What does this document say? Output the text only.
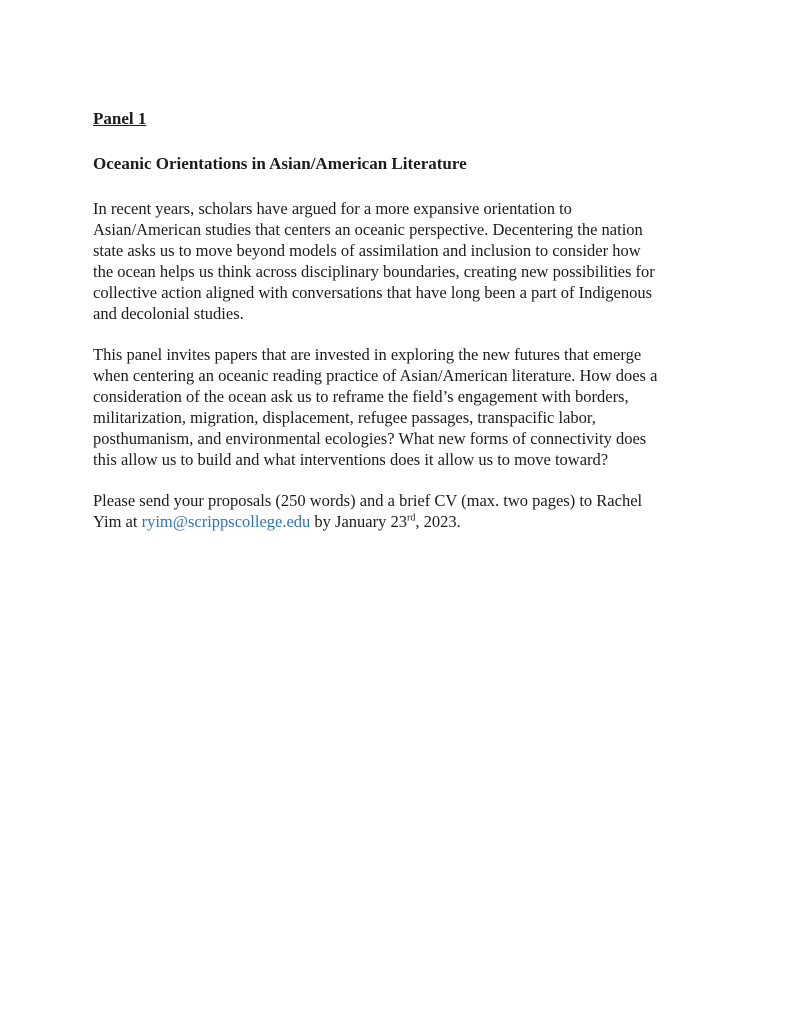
Panel 1
Oceanic Orientations in Asian/American Literature
In recent years, scholars have argued for a more expansive orientation to
Asian/American studies that centers an oceanic perspective. Decentering the nation
state asks us to move beyond models of assimilation and inclusion to consider how
the ocean helps us think across disciplinary boundaries, creating new possibilities for
collective action aligned with conversations that have long been a part of Indigenous
and decolonial studies.
This panel invites papers that are invested in exploring the new futures that emerge
when centering an oceanic reading practice of Asian/American literature. How does a
consideration of the ocean ask us to reframe the field’s engagement with borders,
militarization, migration, displacement, refugee passages, transpacific labor,
posthumanism, and environmental ecologies? What new forms of connectivity does
this allow us to build and what interventions does it allow us to move toward?
Please send your proposals (250 words) and a brief CV (max. two pages) to Rachel
Yim at ryim@scrippscollege.edu by January 23rd, 2023.
